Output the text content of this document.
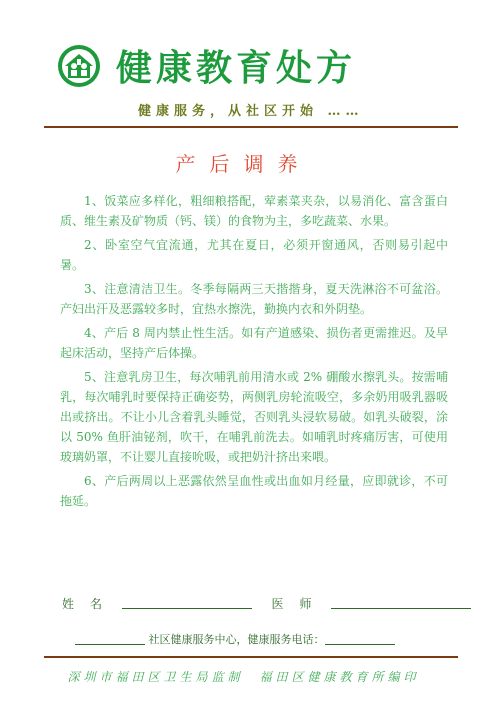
健康教育处方
健康服务，从社区开始 ……
产后调养

1、饭菜应多样化，粗细粮搭配，荤素菜夹杂，以易消化、富含蛋白质、维生素及矿物质（钙、镁）的食物为主，多吃蔬菜、水果。

2、卧室空气宜流通，尤其在夏日，必须开窗通风，否则易引起中暑。

3、注意清洁卫生。冬季每隔两三天揩揩身，夏天洗淋浴不可盆浴。产妇出汗及恶露较多时，宜热水擦洗，勤换内衣和外阴垫。

4、产后 8 周内禁止性生活。如有产道感染、损伤者更需推迟。及早起床活动，坚持产后体操。

5、注意乳房卫生，每次哺乳前用清水或 2% 硼酸水擦乳头。按需哺乳，每次哺乳时要保持正确姿势，两侧乳房轮流吸空，多余奶用吸乳器吸出或挤出。不让小儿含着乳头睡觉，否则乳头浸软易破。如乳头破裂，涂以 50% 鱼肝油铋剂，吹干，在哺乳前洗去。如哺乳时疼痛厉害，可使用玻璃奶罩，不让婴儿直接吮吸，或把奶汁挤出来喂。

6、产后两周以上恶露依然呈血性或出血如月经量，应即就诊，不可拖延。

姓名	医师
社区健康服务中心，健康服务电话：
深圳市福田区卫生局监制　福田区健康教育所编印
